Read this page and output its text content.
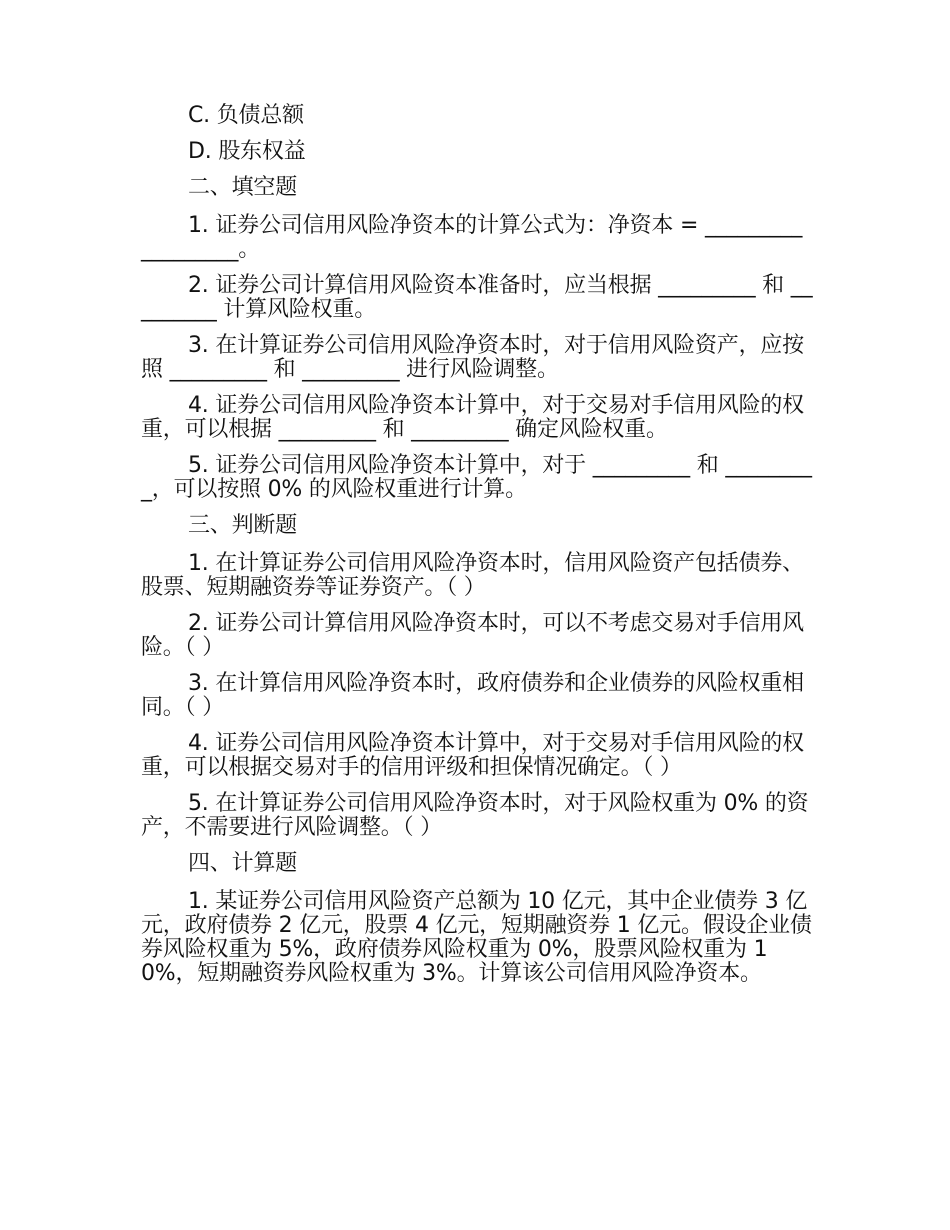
C. 负债总额

D. 股东权益

二、填空题

1. 证券公司信用风险净资本的计算公式为：净资本 = _________ _________。

2. 证券公司计算信用风险资本准备时，应当根据 _________ 和 _________ 计算风险权重。

3. 在计算证券公司信用风险净资本时，对于信用风险资产，应按照 _________ 和 _________ 进行风险调整。

4. 证券公司信用风险净资本计算中，对于交易对手信用风险的权重，可以根据 _________ 和 _________ 确定风险权重。

5. 证券公司信用风险净资本计算中，对于 _________ 和 _________，可以按照 0% 的风险权重进行计算。

三、判断题

1. 在计算证券公司信用风险净资本时，信用风险资产包括债券、股票、短期融资券等证券资产。（ ）

2. 证券公司计算信用风险净资本时，可以不考虑交易对手信用风险。（ ）

3. 在计算信用风险净资本时，政府债券和企业债券的风险权重相同。（ ）

4. 证券公司信用风险净资本计算中，对于交易对手信用风险的权重，可以根据交易对手的信用评级和担保情况确定。（ ）

5. 在计算证券公司信用风险净资本时，对于风险权重为 0% 的资产，不需要进行风险调整。（ ）

四、计算题

1. 某证券公司信用风险资产总额为 10 亿元，其中企业债券 3 亿元，政府债券 2 亿元，股票 4 亿元，短期融资券 1 亿元。假设企业债券风险权重为 5%，政府债券风险权重为 0%，股票风险权重为 10%，短期融资券风险权重为 3%。计算该公司信用风险净资本。
